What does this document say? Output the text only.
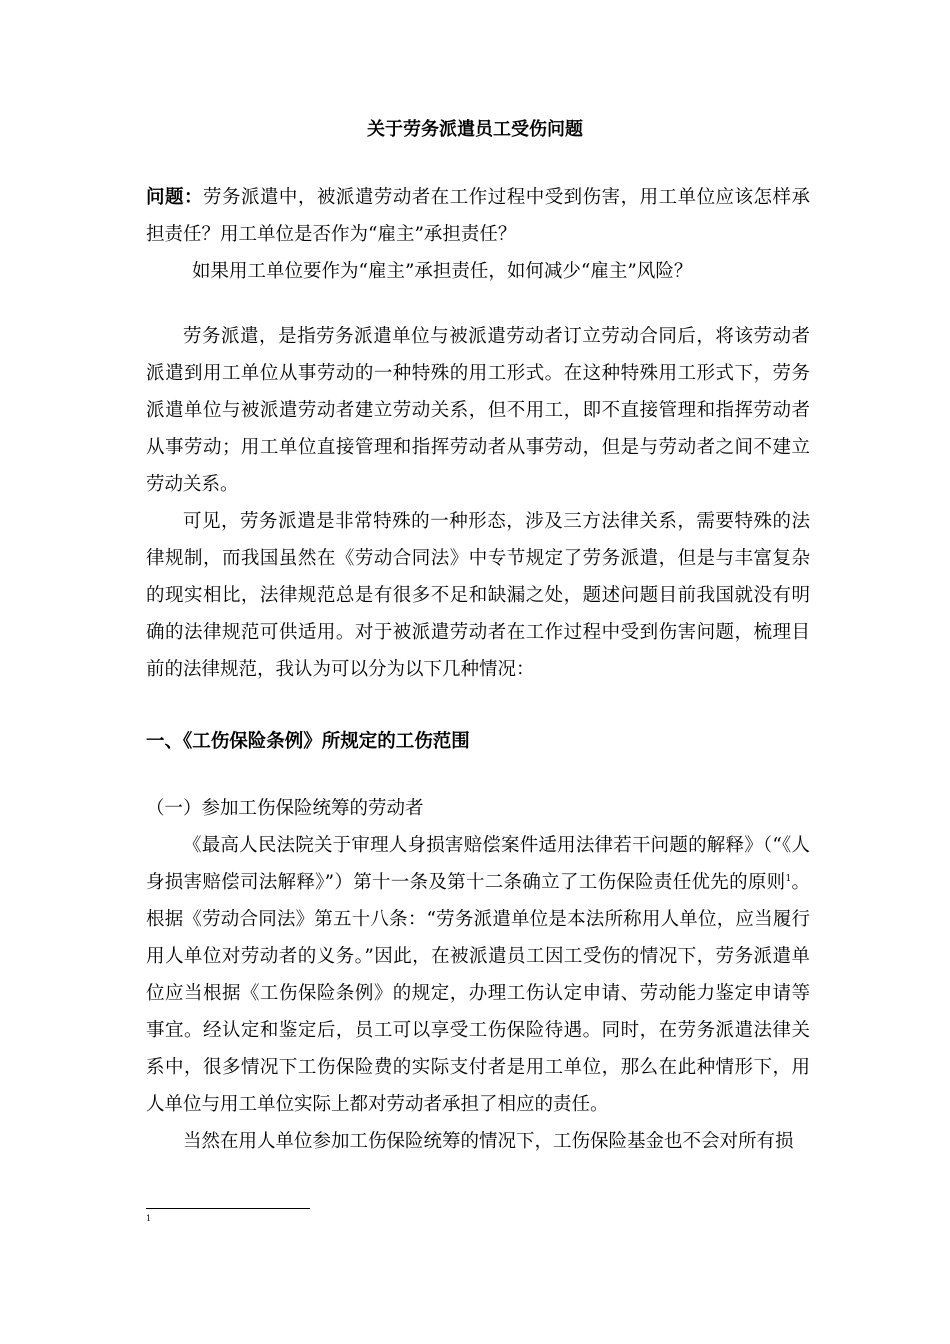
关于劳务派遣员工受伤问题

问题：劳务派遣中，被派遣劳动者在工作过程中受到伤害，用工单位应该怎样承担责任？用工单位是否作为“雇主”承担责任？

如果用工单位要作为“雇主”承担责任，如何减少“雇主”风险？

劳务派遣，是指劳务派遣单位与被派遣劳动者订立劳动合同后，将该劳动者派遣到用工单位从事劳动的一种特殊的用工形式。在这种特殊用工形式下，劳务派遣单位与被派遣劳动者建立劳动关系，但不用工，即不直接管理和指挥劳动者从事劳动；用工单位直接管理和指挥劳动者从事劳动，但是与劳动者之间不建立劳动关系。

可见，劳务派遣是非常特殊的一种形态，涉及三方法律关系，需要特殊的法律规制，而我国虽然在《劳动合同法》中专节规定了劳务派遣，但是与丰富复杂的现实相比，法律规范总是有很多不足和缺漏之处，题述问题目前我国就没有明确的法律规范可供适用。对于被派遣劳动者在工作过程中受到伤害问题，梳理目前的法律规范，我认为可以分为以下几种情况：

一、《工伤保险条例》所规定的工伤范围

（一）参加工伤保险统筹的劳动者

《最高人民法院关于审理人身损害赔偿案件适用法律若干问题的解释》（“《人身损害赔偿司法解释》”）第十一条及第十二条确立了工伤保险责任优先的原则$^1$。根据《劳动合同法》第五十八条：“劳务派遣单位是本法所称用人单位，应当履行用人单位对劳动者的义务。”因此，在被派遣员工因工受伤的情况下，劳务派遣单位应当根据《工伤保险条例》的规定，办理工伤认定申请、劳动能力鉴定申请等事宜。经认定和鉴定后，员工可以享受工伤保险待遇。同时，在劳务派遣法律关系中，很多情况下工伤保险费的实际支付者是用工单位，那么在此种情形下，用人单位与用工单位实际上都对劳动者承担了相应的责任。

当然在用人单位参加工伤保险统筹的情况下，工伤保险基金也不会对所有损

1
